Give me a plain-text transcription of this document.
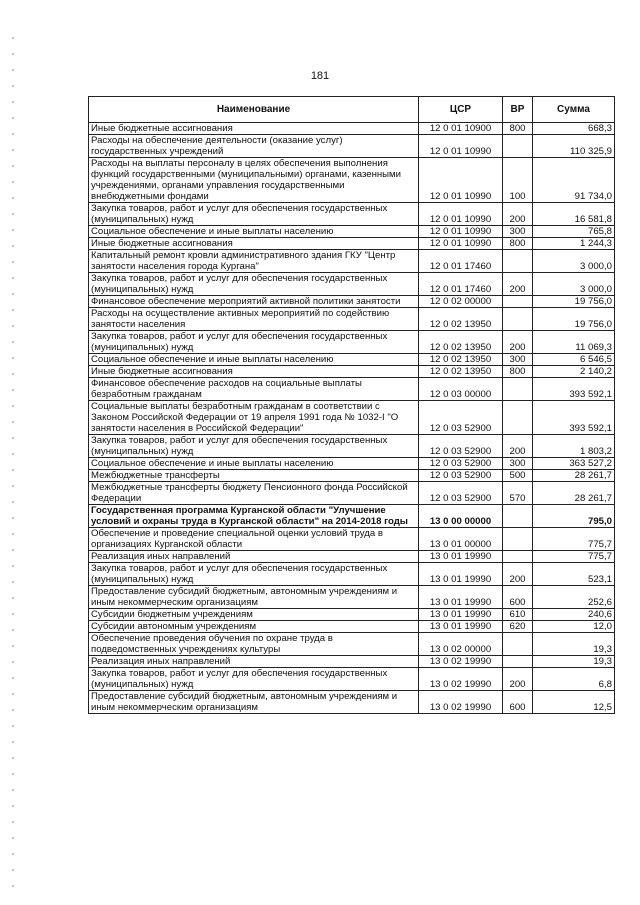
181
Наименование	ЦСР	ВР	Сумма
Иные бюджетные ассигнования	12 0 01 10900	800	668,3
Расходы на обеспечение деятельности (оказание услуг) государственных учреждений	12 0 01 10990		110 325,9
Расходы на выплаты персоналу в целях обеспечения выполнения функций государственными (муниципальными) органами, казенными учреждениями, органами управления государственными внебюджетными фондами	12 0 01 10990	100	91 734,0
Закупка товаров, работ и услуг для обеспечения государственных (муниципальных) нужд	12 0 01 10990	200	16 581,8
Социальное обеспечение и иные выплаты населению	12 0 01 10990	300	765,8
Иные бюджетные ассигнования	12 0 01 10990	800	1 244,3
Капитальный ремонт кровли административного здания ГКУ "Центр занятости населения города Кургана"	12 0 01 17460		3 000,0
Закупка товаров, работ и услуг для обеспечения государственных (муниципальных) нужд	12 0 01 17460	200	3 000,0
Финансовое обеспечение мероприятий активной политики занятости	12 0 02 00000		19 756,0
Расходы на осуществление активных мероприятий по содействию занятости населения	12 0 02 13950		19 756,0
Закупка товаров, работ и услуг для обеспечения государственных (муниципальных) нужд	12 0 02 13950	200	11 069,3
Социальное обеспечение и иные выплаты населению	12 0 02 13950	300	6 546,5
Иные бюджетные ассигнования	12 0 02 13950	800	2 140,2
Финансовое обеспечение расходов на социальные выплаты безработным гражданам	12 0 03 00000		393 592,1
Социальные выплаты безработным гражданам в соответствии с Законом Российской Федерации от 19 апреля 1991 года № 1032-I "О занятости населения в Российской Федерации"	12 0 03 52900		393 592,1
Закупка товаров, работ и услуг для обеспечения государственных (муниципальных) нужд	12 0 03 52900	200	1 803,2
Социальное обеспечение и иные выплаты населению	12 0 03 52900	300	363 527,2
Межбюджетные трансферты	12 0 03 52900	500	28 261,7
Межбюджетные трансферты бюджету Пенсионного фонда Российской Федерации	12 0 03 52900	570	28 261,7
Государственная программа Курганской области "Улучшение условий и охраны труда в Курганской области" на 2014-2018 годы	13 0 00 00000		795,0
Обеспечение и проведение специальной оценки условий труда в организациях Курганской области	13 0 01 00000		775,7
Реализация иных направлений	13 0 01 19990		775,7
Закупка товаров, работ и услуг для обеспечения государственных (муниципальных) нужд	13 0 01 19990	200	523,1
Предоставление субсидий бюджетным, автономным учреждениям и иным некоммерческим организациям	13 0 01 19990	600	252,6
Субсидии бюджетным учреждениям	13 0 01 19990	610	240,6
Субсидии автономным учреждениям	13 0 01 19990	620	12,0
Обеспечение проведения обучения по охране труда в подведомственных учреждениях культуры	13 0 02 00000		19,3
Реализация иных направлений	13 0 02 19990		19,3
Закупка товаров, работ и услуг для обеспечения государственных (муниципальных) нужд	13 0 02 19990	200	6,8
Предоставление субсидий бюджетным, автономным учреждениям и иным некоммерческим организациям	13 0 02 19990	600	12,5
